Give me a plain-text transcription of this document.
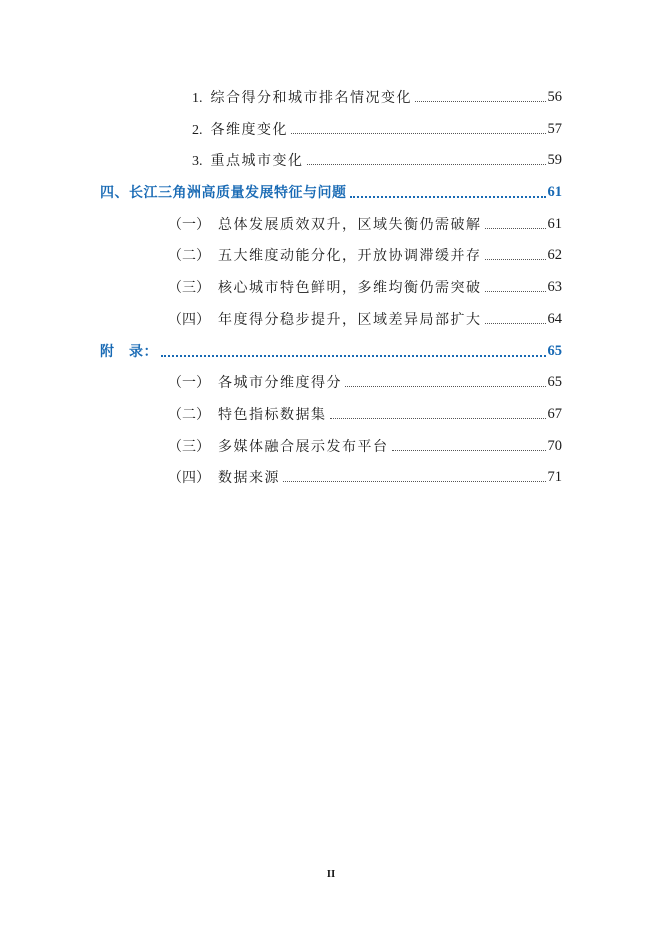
1. 综合得分和城市排名情况变化	56
2. 各维度变化	57
3. 重点城市变化	59
四、长江三角洲高质量发展特征与问题	61
（一） 总体发展质效双升，区域失衡仍需破解	61
（二） 五大维度动能分化，开放协调滞缓并存	62
（三） 核心城市特色鲜明，多维均衡仍需突破	63
（四） 年度得分稳步提升，区域差异局部扩大	64
附　录：	65
（一） 各城市分维度得分	65
（二） 特色指标数据集	67
（三） 多媒体融合展示发布平台	70
（四） 数据来源	71
II
